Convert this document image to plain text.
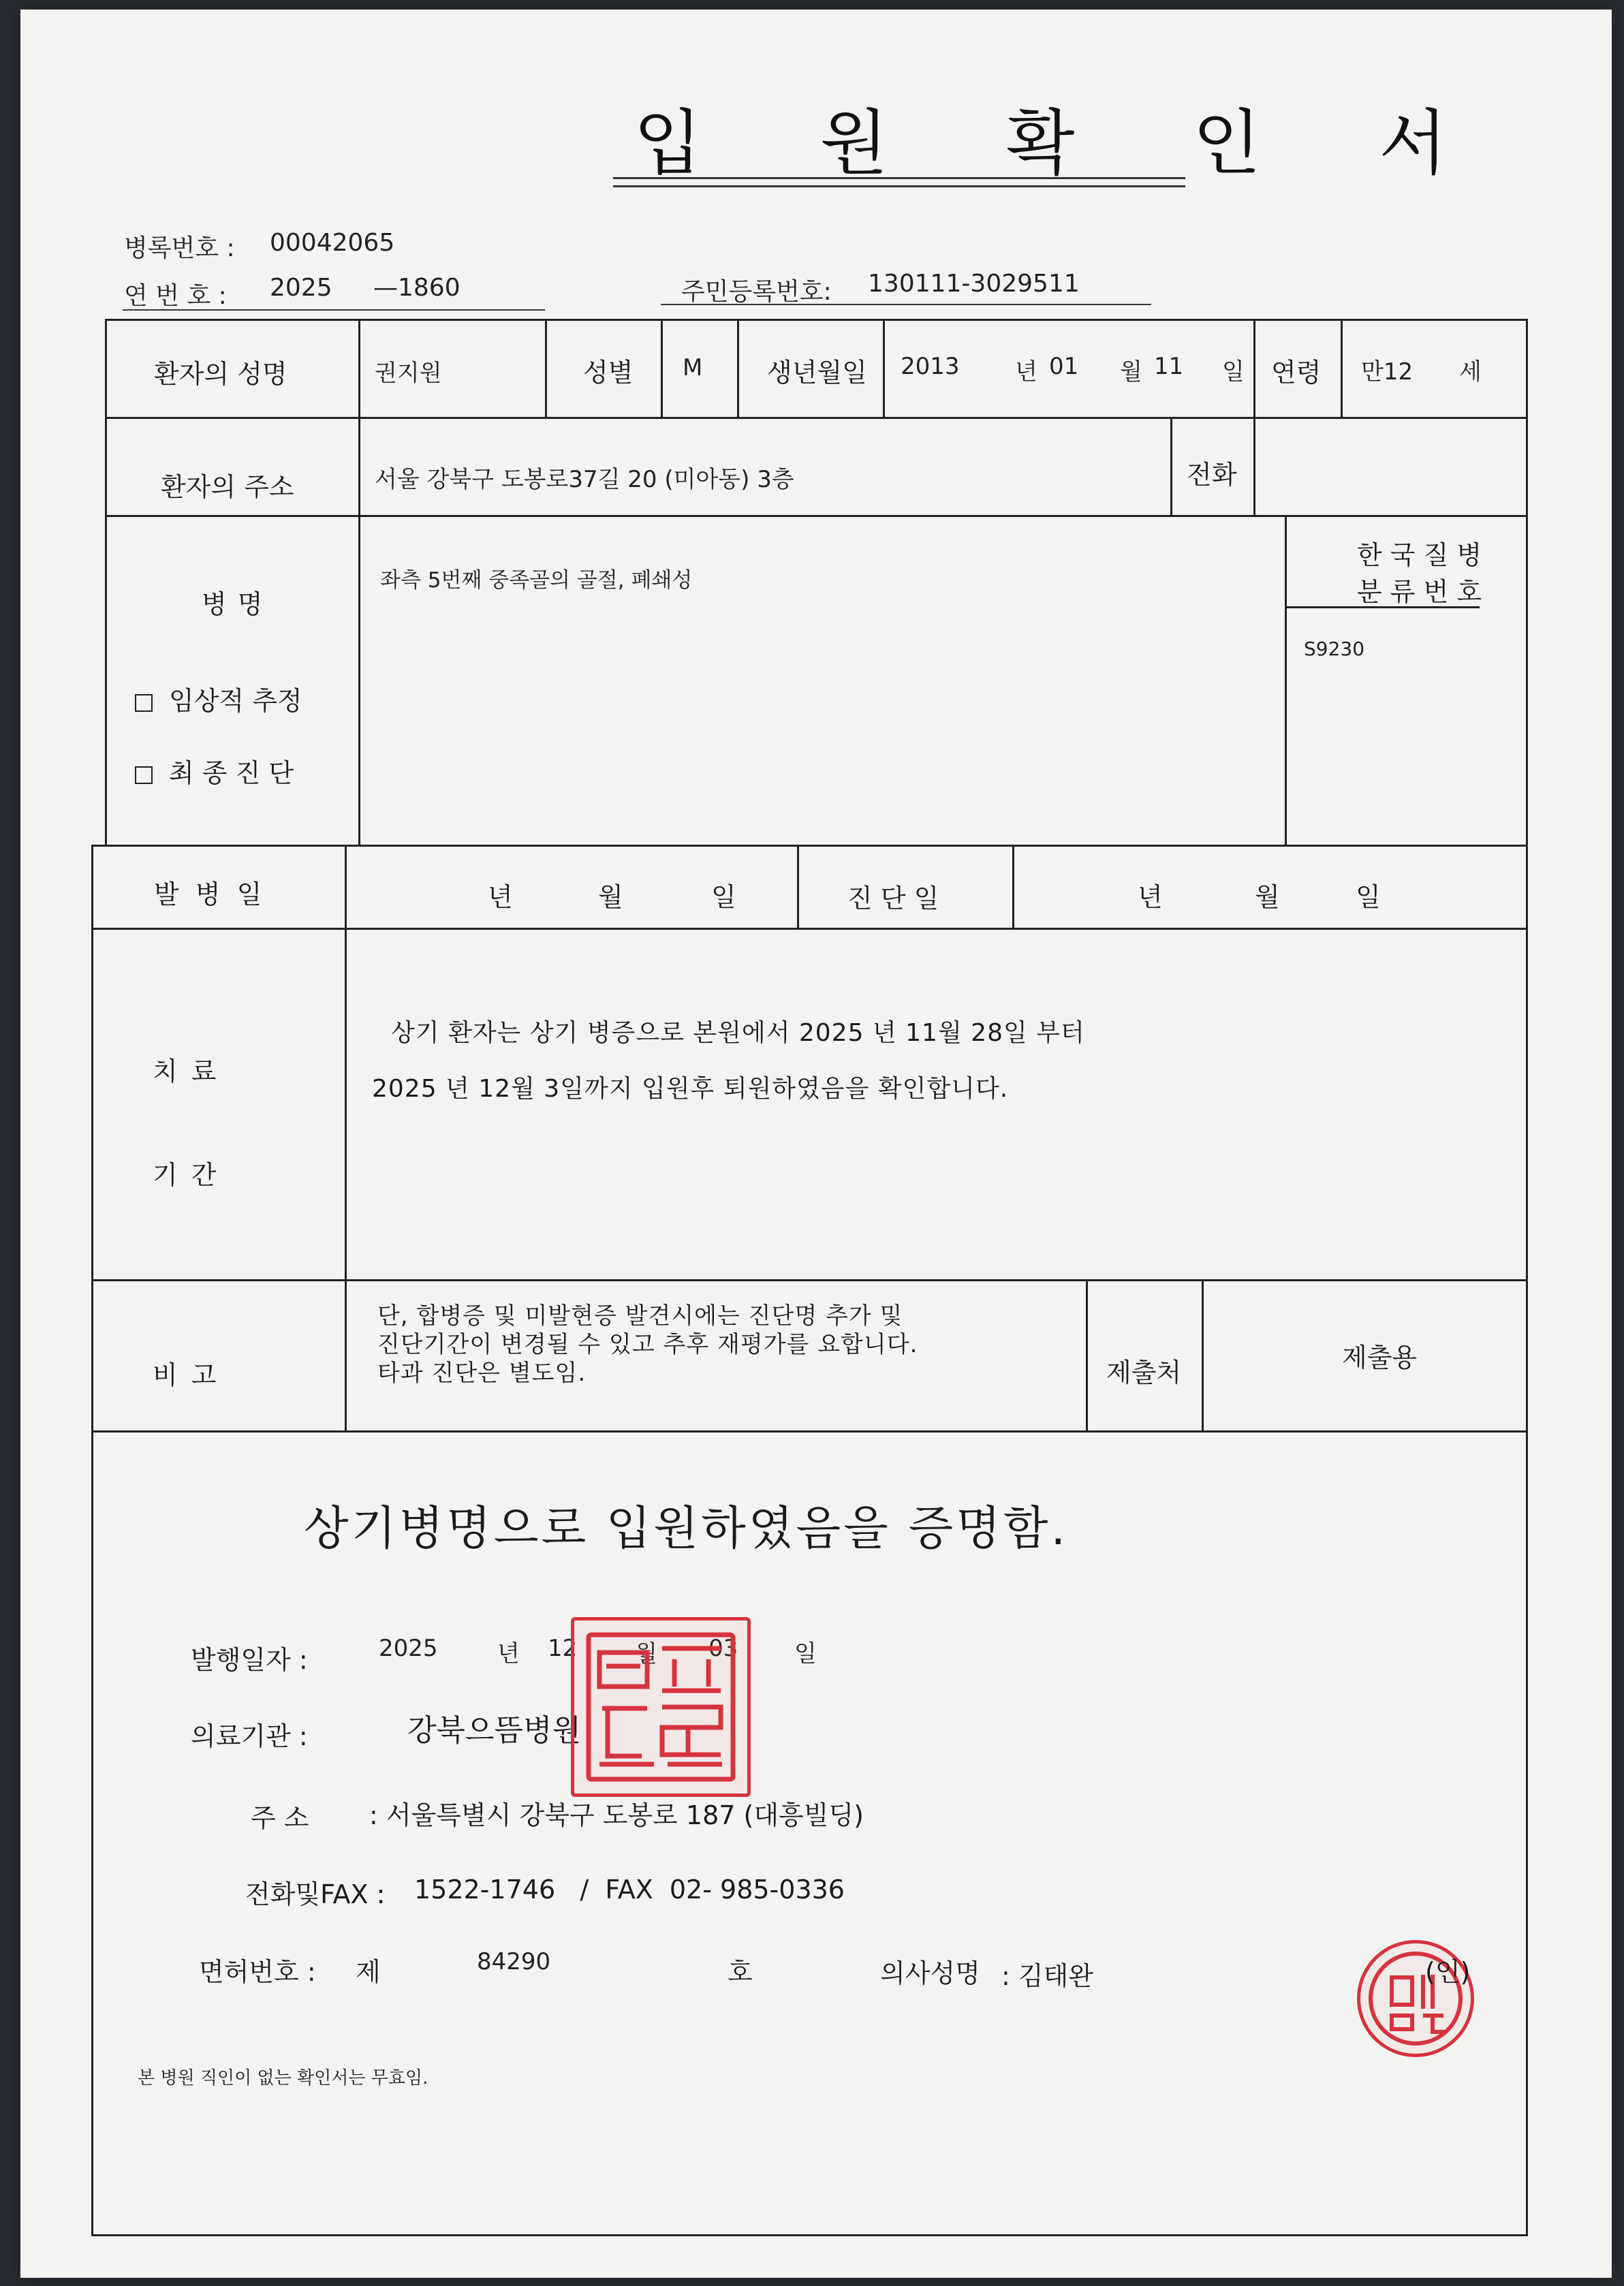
입 원 확 인 서
병록번호 : 00042065
연 번 호 : 2025 —1860	주민등록번호: 130111-3029511
환자의 성명	권지원	성별 M 생년월일 2013 년 01 월 11 일 연령 만12 세
환자의 주소	서울 강북구 도봉로37길 20 (미아동) 3층	전화
병 명
임상적 추정
최 종 진 단
좌측 5번째 중족골의 골절, 폐쇄성
한 국 질 병
분 류 번 호
S9230
발 병 일	년	월	일	진 단 일	년	월	일
치 료
기 간
상기 환자는 상기 병증으로 본원에서 2025 년 11월 28일 부터
2025 년 12월 3일까지 입원후 퇴원하였음을 확인합니다.
비 고
단, 합병증 및 미발현증 발견시에는 진단명 추가 및
진단기간이 변경될 수 있고 추후 재평가를 요합니다.
타과 진단은 별도임.	제출처	제출용
상기병명으로 입원하였음을 증명함.
발행일자 :	2025	년 12 월 03 일
의료기관 :	강북으뜸병원
주 소 : 서울특별시 강북구 도봉로 187 (대흥빌딩)
전화및FAX : 1522-1746   /  FAX  02- 985-0336
면허번호 : 제	84290	호	의사성명 : 김태완	(인)
본 병원 직인이 없는 확인서는 무효임.
